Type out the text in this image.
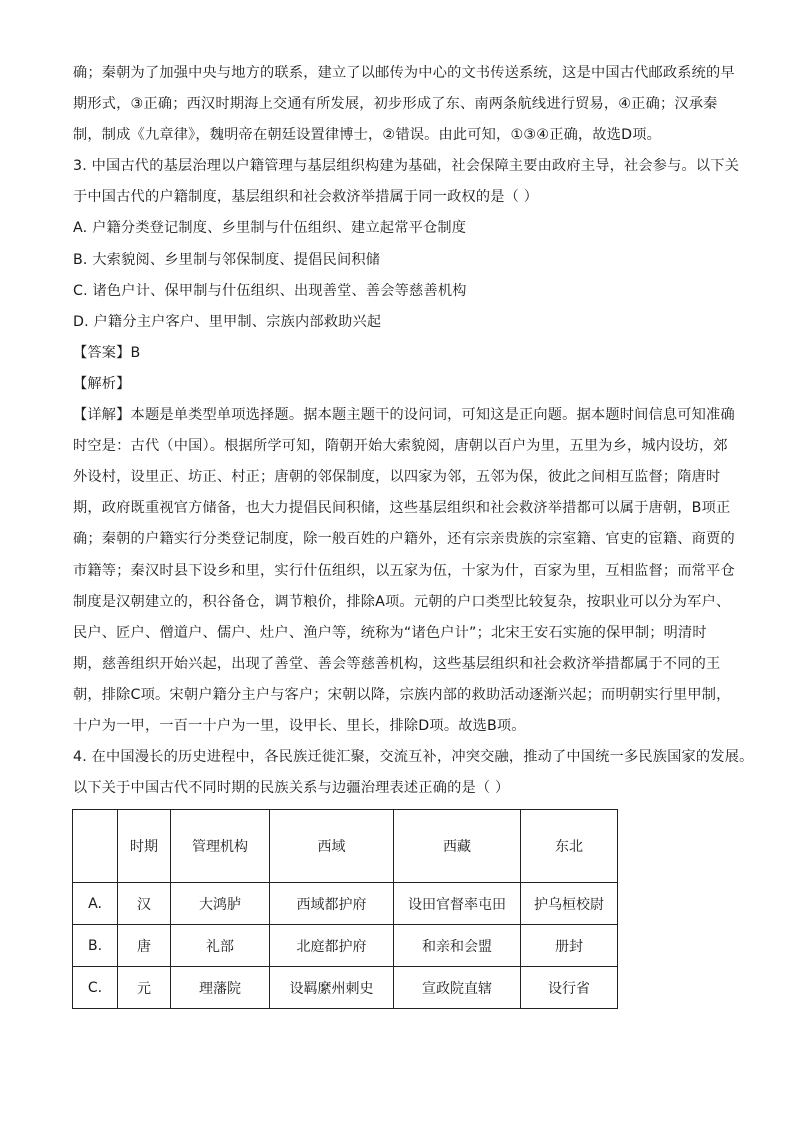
确；秦朝为了加强中央与地方的联系，建立了以邮传为中心的文书传送系统，这是中国古代邮政系统的早
期形式，③正确；西汉时期海上交通有所发展，初步形成了东、南两条航线进行贸易，④正确；汉承秦
制，制成《九章律》，魏明帝在朝廷设置律博士，②错误。由此可知，①③④正确，故选D项。
3. 中国古代的基层治理以户籍管理与基层组织构建为基础，社会保障主要由政府主导，社会参与。以下关
于中国古代的户籍制度，基层组织和社会救济举措属于同一政权的是（ ）
A. 户籍分类登记制度、乡里制与什伍组织、建立起常平仓制度
B. 大索貌阅、乡里制与邻保制度、提倡民间积储
C. 诸色户计、保甲制与什伍组织、出现善堂、善会等慈善机构
D. 户籍分主户客户、里甲制、宗族内部救助兴起
【答案】B
【解析】
【详解】本题是单类型单项选择题。据本题主题干的设问词，可知这是正向题。据本题时间信息可知准确
时空是：古代（中国）。根据所学可知，隋朝开始大索貌阅，唐朝以百户为里，五里为乡，城内设坊，郊
外设村，设里正、坊正、村正；唐朝的邻保制度，以四家为邻，五邻为保，彼此之间相互监督；隋唐时
期，政府既重视官方储备，也大力提倡民间积储，这些基层组织和社会救济举措都可以属于唐朝，B项正
确；秦朝的户籍实行分类登记制度，除一般百姓的户籍外，还有宗亲贵族的宗室籍、官吏的宦籍、商贾的
市籍等；秦汉时县下设乡和里，实行什伍组织，以五家为伍，十家为什，百家为里，互相监督；而常平仓
制度是汉朝建立的，积谷备仓，调节粮价，排除A项。元朝的户口类型比较复杂，按职业可以分为军户、
民户、匠户、僧道户、儒户、灶户、渔户等，统称为“诸色户计”；北宋王安石实施的保甲制；明清时
期，慈善组织开始兴起，出现了善堂、善会等慈善机构，这些基层组织和社会救济举措都属于不同的王
朝，排除C项。宋朝户籍分主户与客户；宋朝以降，宗族内部的救助活动逐渐兴起；而明朝实行里甲制，
十户为一甲，一百一十户为一里，设甲长、里长，排除D项。故选B项。
4. 在中国漫长的历史进程中，各民族迁徙汇聚，交流互补，冲突交融，推动了中国统一多民族国家的发展。
以下关于中国古代不同时期的民族关系与边疆治理表述正确的是（ ）
	时期	管理机构	西域	西藏	东北
A.	汉	大鸿胪	西域都护府	设田官督率屯田	护乌桓校尉
B.	唐	礼部	北庭都护府	和亲和会盟	册封
C.	元	理藩院	设羁縻州刺史	宣政院直辖	设行省
